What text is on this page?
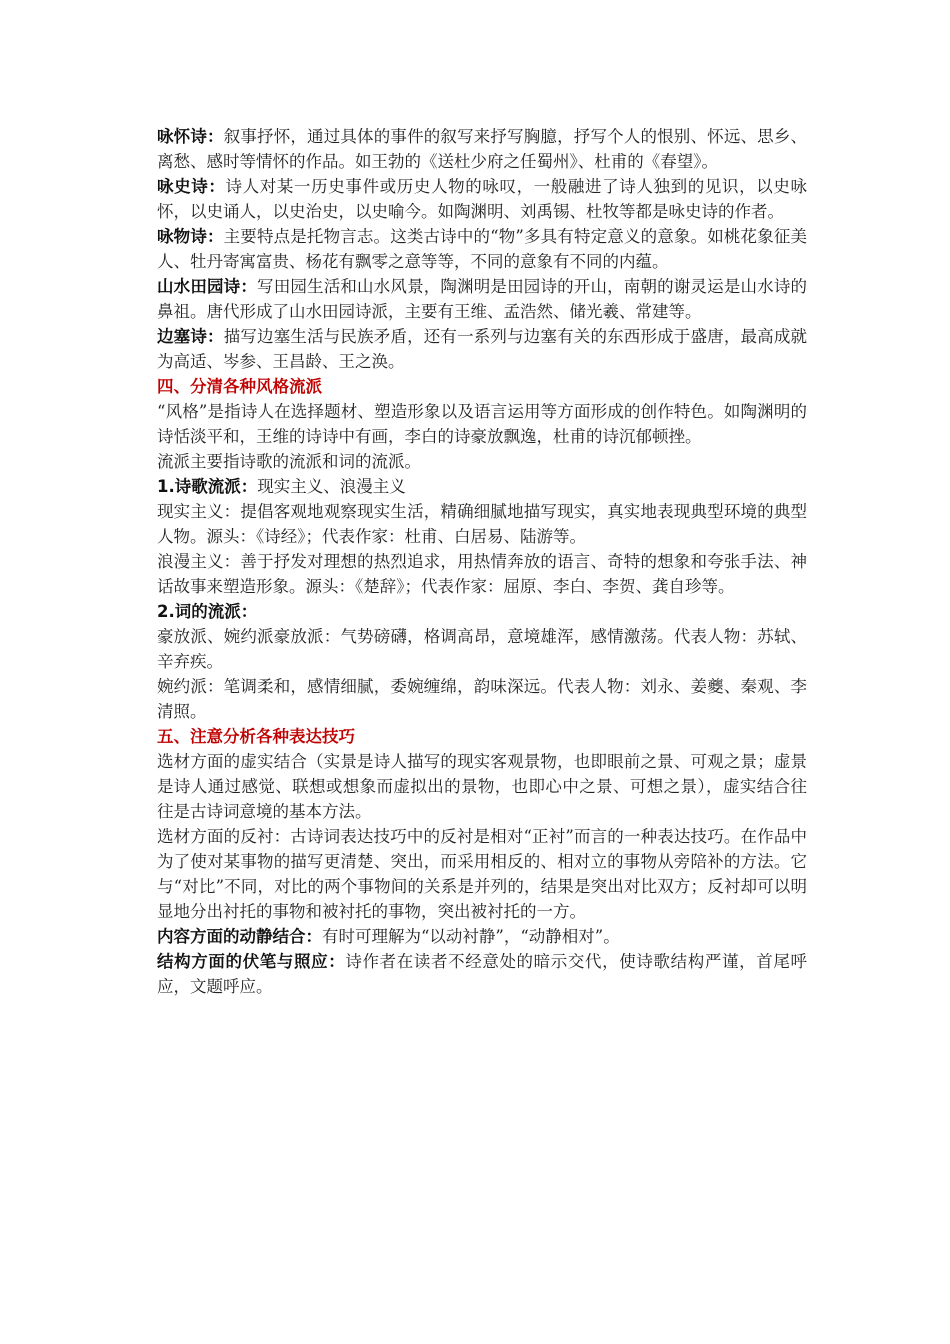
咏怀诗：叙事抒怀，通过具体的事件的叙写来抒写胸臆，抒写个人的恨别、怀远、思乡、离愁、感时等情怀的作品。如王勃的《送杜少府之任蜀州》、杜甫的《春望》。

咏史诗：诗人对某一历史事件或历史人物的咏叹，一般融进了诗人独到的见识，以史咏怀，以史诵人，以史治史，以史喻今。如陶渊明、刘禹锡、杜牧等都是咏史诗的作者。

咏物诗：主要特点是托物言志。这类古诗中的“物”多具有特定意义的意象。如桃花象征美人、牡丹寄寓富贵、杨花有飘零之意等等，不同的意象有不同的内蕴。

山水田园诗：写田园生活和山水风景，陶渊明是田园诗的开山，南朝的谢灵运是山水诗的鼻祖。唐代形成了山水田园诗派，主要有王维、孟浩然、储光羲、常建等。

边塞诗：描写边塞生活与民族矛盾，还有一系列与边塞有关的东西形成于盛唐，最高成就为高适、岑参、王昌龄、王之涣。

四、分清各种风格流派

“风格”是指诗人在选择题材、塑造形象以及语言运用等方面形成的创作特色。如陶渊明的诗恬淡平和，王维的诗诗中有画，李白的诗豪放飘逸，杜甫的诗沉郁顿挫。

流派主要指诗歌的流派和词的流派。

1.诗歌流派：现实主义、浪漫主义

现实主义：提倡客观地观察现实生活，精确细腻地描写现实，真实地表现典型环境的典型人物。源头：《诗经》；代表作家：杜甫、白居易、陆游等。

浪漫主义：善于抒发对理想的热烈追求，用热情奔放的语言、奇特的想象和夸张手法、神话故事来塑造形象。源头：《楚辞》；代表作家：屈原、李白、李贺、龚自珍等。

2.词的流派：

豪放派、婉约派豪放派：气势磅礴，格调高昂，意境雄浑，感情激荡。代表人物：苏轼、辛弃疾。

婉约派：笔调柔和，感情细腻，委婉缠绵，韵味深远。代表人物：刘永、姜夔、秦观、李清照。

五、注意分析各种表达技巧

选材方面的虚实结合（实景是诗人描写的现实客观景物，也即眼前之景、可观之景；虚景是诗人通过感觉、联想或想象而虚拟出的景物，也即心中之景、可想之景），虚实结合往往是古诗词意境的基本方法。

选材方面的反衬：古诗词表达技巧中的反衬是相对“正衬”而言的一种表达技巧。在作品中为了使对某事物的描写更清楚、突出，而采用相反的、相对立的事物从旁陪补的方法。它与“对比”不同，对比的两个事物间的关系是并列的，结果是突出对比双方；反衬却可以明显地分出衬托的事物和被衬托的事物，突出被衬托的一方。

内容方面的动静结合：有时可理解为“以动衬静”，“动静相对”。

结构方面的伏笔与照应：诗作者在读者不经意处的暗示交代，使诗歌结构严谨，首尾呼应，文题呼应。
